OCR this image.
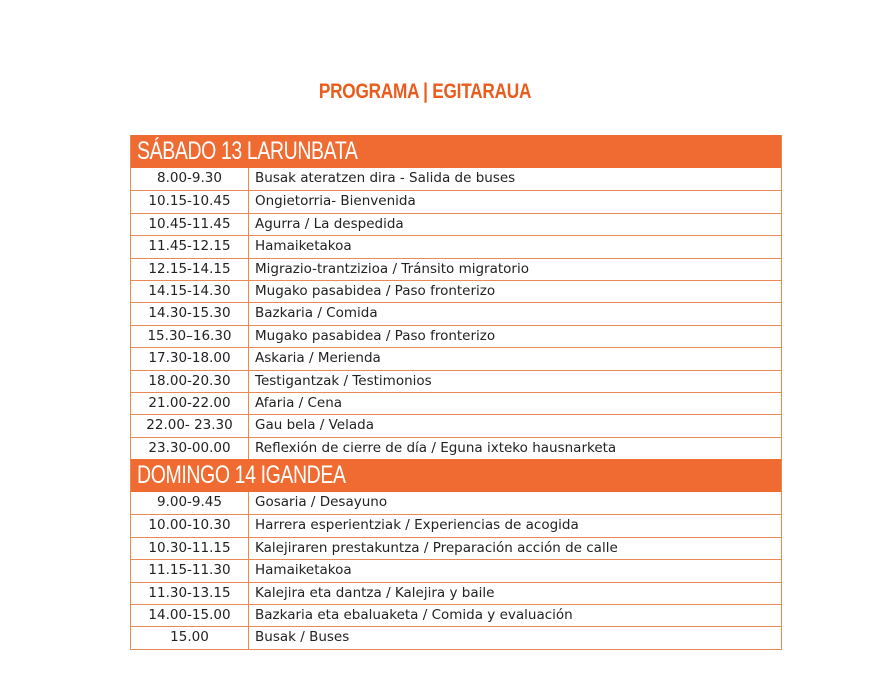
PROGRAMA | EGITARAUA
SÁBADO 13 LARUNBATA
8.00-9.30	Busak ateratzen dira - Salida de buses
10.15-10.45	Ongietorria- Bienvenida
10.45-11.45	Agurra / La despedida
11.45-12.15	Hamaiketakoa
12.15-14.15	Migrazio-trantzizioa / Tránsito migratorio
14.15-14.30	Mugako pasabidea / Paso fronterizo
14.30-15.30	Bazkaria / Comida
15.30–16.30	Mugako pasabidea / Paso fronterizo
17.30-18.00	Askaria / Merienda
18.00-20.30	Testigantzak / Testimonios
21.00-22.00	Afaria / Cena
22.00- 23.30	Gau bela / Velada
23.30-00.00	Reflexión de cierre de día / Eguna ixteko hausnarketa
DOMINGO 14 IGANDEA
9.00-9.45	Gosaria / Desayuno
10.00-10.30	Harrera esperientziak / Experiencias de acogida
10.30-11.15	Kalejiraren prestakuntza / Preparación acción de calle
11.15-11.30	Hamaiketakoa
11.30-13.15	Kalejira eta dantza / Kalejira y baile
14.00-15.00	Bazkaria eta ebaluaketa / Comida y evaluación
15.00	Busak / Buses
